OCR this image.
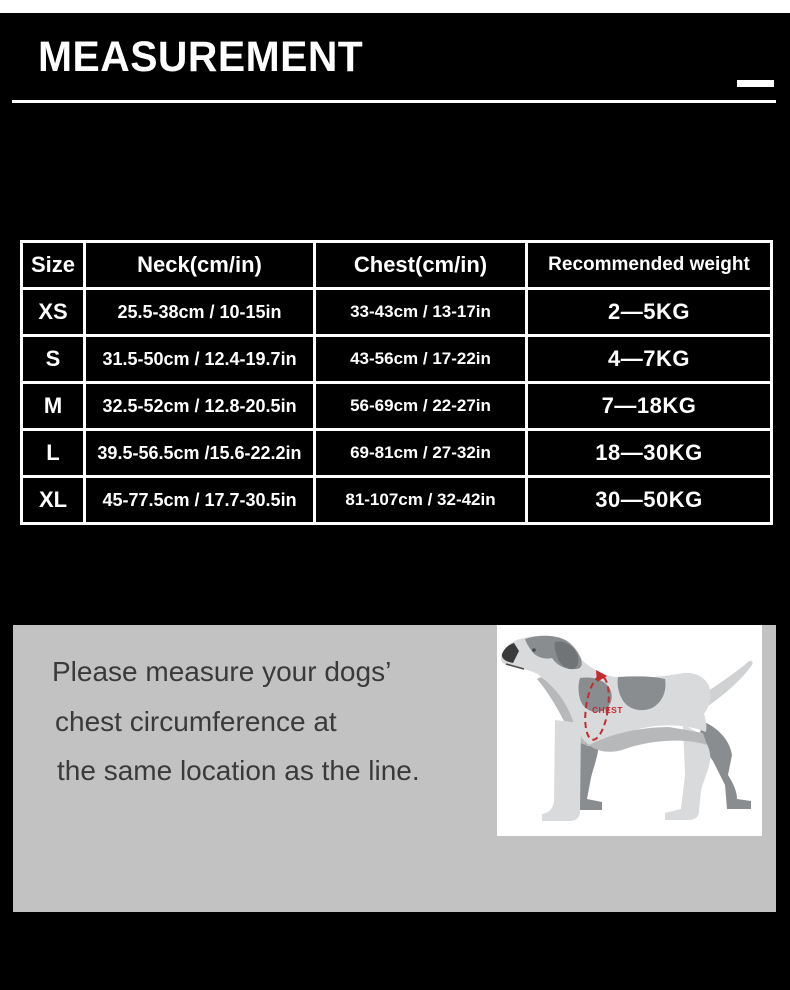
MEASUREMENT
Size	Neck(cm/in)	Chest(cm/in)	Recommended weight
XS	25.5-38cm / 10-15in	33-43cm / 13-17in	2—5KG
S	31.5-50cm / 12.4-19.7in	43-56cm / 17-22in	4—7KG
M	32.5-52cm / 12.8-20.5in	56-69cm / 22-27in	7—18KG
L	39.5-56.5cm /15.6-22.2in	69-81cm / 27-32in	18—30KG
XL	45-77.5cm / 17.7-30.5in	81-107cm / 32-42in	30—50KG

Please measure your dogs’

chest circumference at

the same location as the line.

CHEST
